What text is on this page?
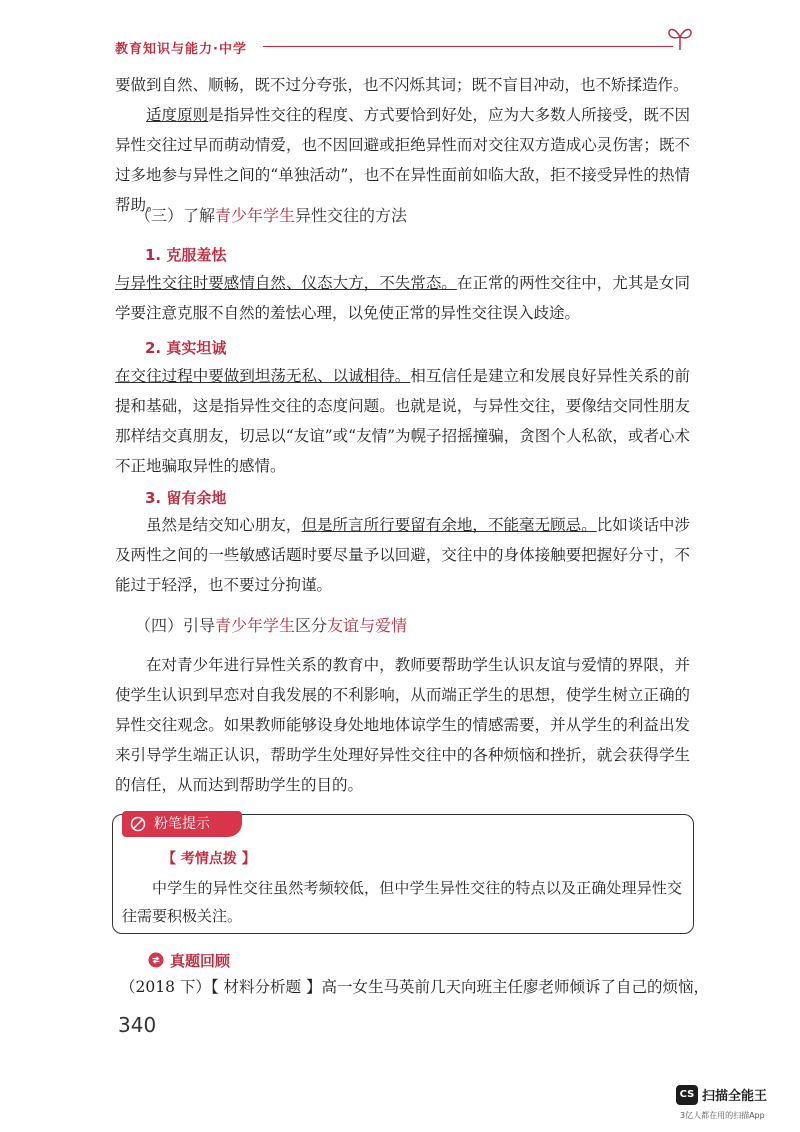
教育知识与能力·中学

要做到自然、顺畅，既不过分夸张，也不闪烁其词；既不盲目冲动，也不矫揉造作。

适度原则是指异性交往的程度、方式要恰到好处，应为大多数人所接受，既不因异性交往过早而萌动情爱，也不因回避或拒绝异性而对交往双方造成心灵伤害；既不过多地参与异性之间的“单独活动”，也不在异性面前如临大敌，拒不接受异性的热情帮助。

（三）了解青少年学生异性交往的方法
1. 克服羞怯

与异性交往时要感情自然、仪态大方，不失常态。在正常的两性交往中，尤其是女同学要注意克服不自然的羞怯心理，以免使正常的异性交往误入歧途。

2. 真实坦诚

在交往过程中要做到坦荡无私、以诚相待。相互信任是建立和发展良好异性关系的前提和基础，这是指异性交往的态度问题。也就是说，与异性交往，要像结交同性朋友那样结交真朋友，切忌以“友谊”或“友情”为幌子招摇撞骗，贪图个人私欲，或者心术不正地骗取异性的感情。

3. 留有余地

虽然是结交知心朋友，但是所言所行要留有余地，不能毫无顾忌。比如谈话中涉及两性之间的一些敏感话题时要尽量予以回避，交往中的身体接触要把握好分寸，不能过于轻浮，也不要过分拘谨。

（四）引导青少年学生区分友谊与爱情

在对青少年进行异性关系的教育中，教师要帮助学生认识友谊与爱情的界限，并使学生认识到早恋对自我发展的不利影响，从而端正学生的思想，使学生树立正确的异性交往观念。如果教师能够设身处地地体谅学生的情感需要，并从学生的利益出发来引导学生端正认识，帮助学生处理好异性交往中的各种烦恼和挫折，就会获得学生的信任，从而达到帮助学生的目的。

粉笔提示
【 考情点拨 】

中学生的异性交往虽然考频较低，但中学生异性交往的特点以及正确处理异性交往需要积极关注。

真题回顾
（2018 下）【 材料分析题 】高一女生马英前几天向班主任廖老师倾诉了自己的烦恼，
340
CS 扫描全能王
3亿人都在用的扫描App
